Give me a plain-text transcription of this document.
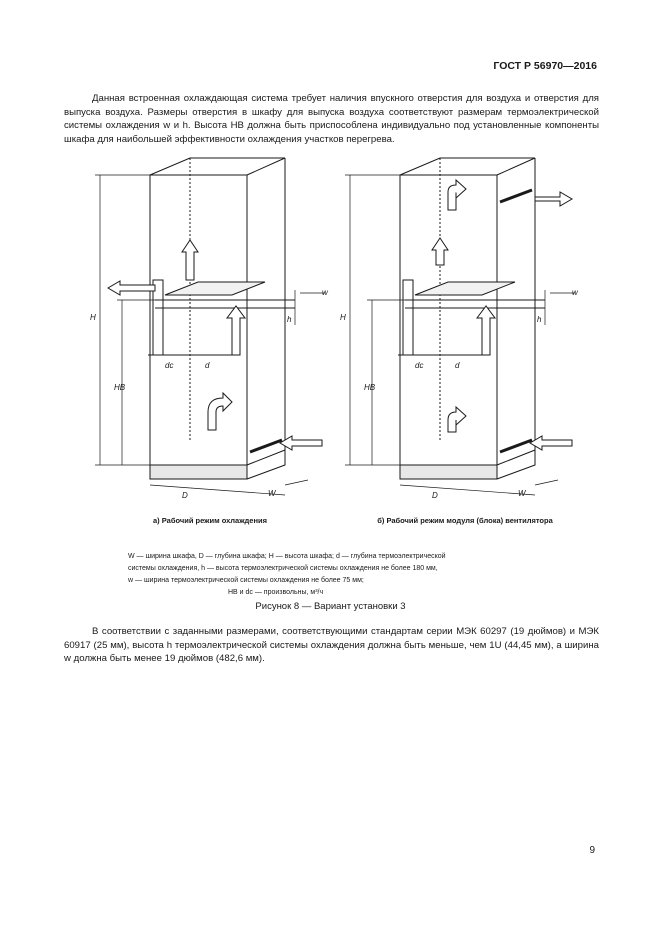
ГОСТ Р 56970—2016

Данная встроенная охлаждающая система требует наличия впускного отверстия для воздуха и отверстия для выпуска воздуха. Размеры отверстия в шкафу для выпуска воздуха соответствуют размерам термоэлектрической системы охлаждения w и h. Высота HB должна быть приспособлена индивидуально под установленные компоненты шкафа для наибольшей эффективности охлаждения участков перегрева.

H
HB
h
w
d
dc
D	W
H
HB
h
w
d
dc
D	W
а) Рабочий режим охлаждения	б) Рабочий режим модуля (блока) вентилятора
W — ширина шкафа, D — глубина шкафа; H — высота шкафа; d — глубина термоэлектрической
системы охлаждения, h — высота термоэлектрической системы охлаждения не более 180 мм,
w — ширина термоэлектрической системы охлаждения не более 75 мм;
HB и dc — произвольны, м³/ч
Рисунок 8 — Вариант установки 3

В соответствии с заданными размерами, соответствующими стандартам серии МЭК 60297 (19 дюймов) и МЭК 60917 (25 мм), высота h термоэлектрической системы охлаждения должна быть меньше, чем 1U (44,45 мм), а ширина w должна быть менее 19 дюймов (482,6 мм).

9
